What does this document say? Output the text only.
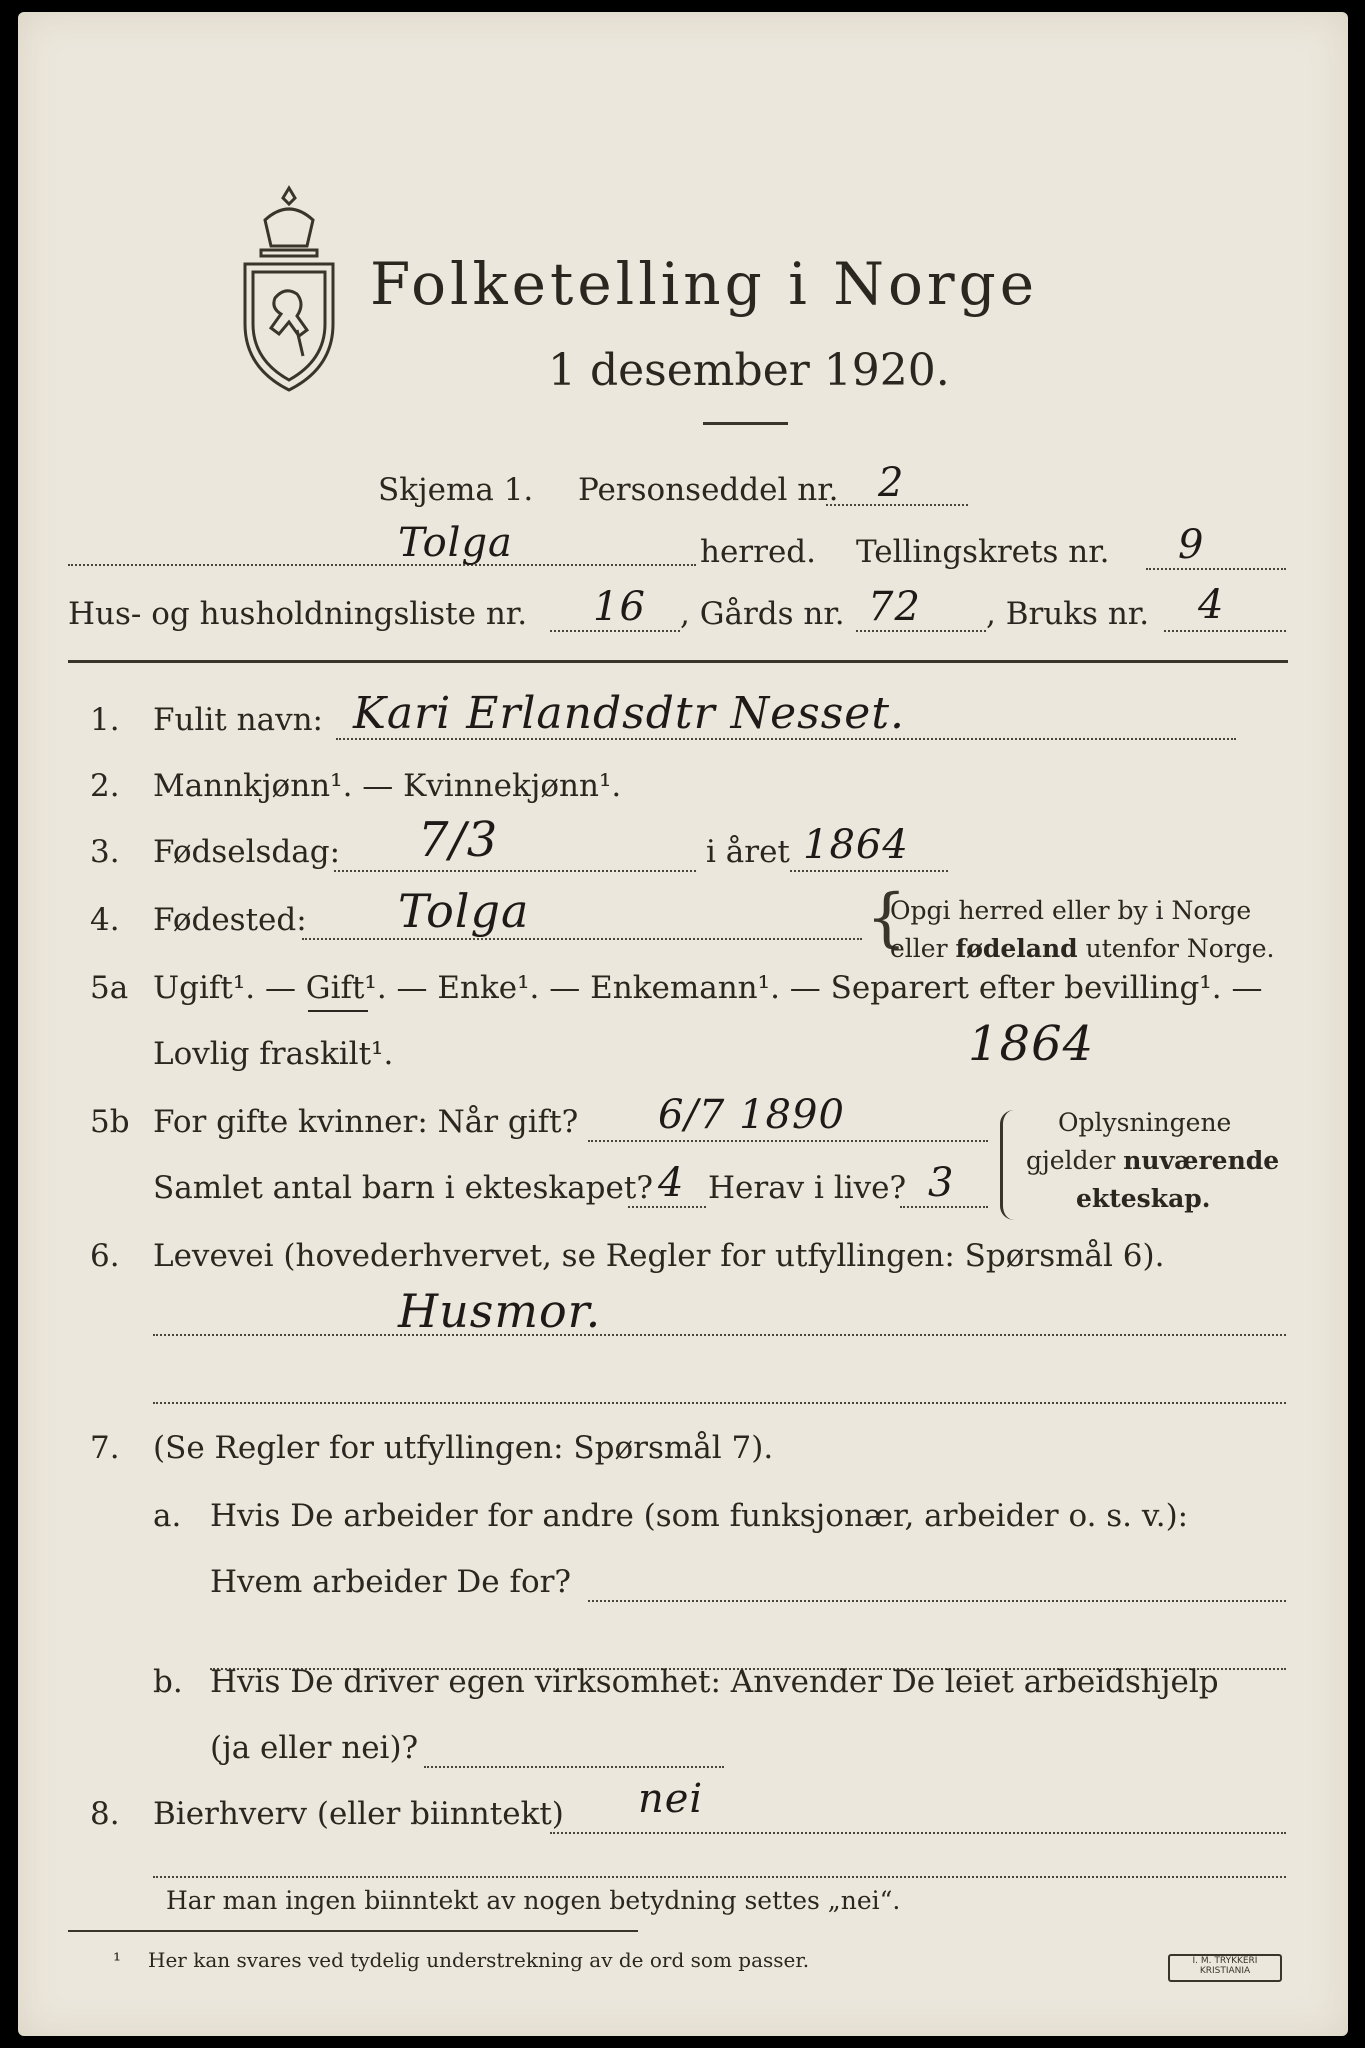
Folketelling i Norge
1 desember 1920.
Skjema 1. Personseddel nr. 2
Tolga	herred. Tellingskrets nr. 9
Hus- og husholdningsliste nr. 16 , Gårds nr. 72 , Bruks nr. 4
1. Fulit navn: Kari Erlandsdtr Nesset.
2. Mannkjønn¹. — Kvinnekjønn¹.
3. Fødselsdag: 7/3	i året 1864
4. Fødested: Tolga	{
Opgi herred eller by i Norge
eller fødeland utenfor Norge.
5a Ugift¹. — Gift¹. — Enke¹. — Enkemann¹. — Separert efter bevilling¹. —
Lovlig fraskilt¹.	1864
5b For gifte kvinner: Når gift? 6/7 1890
Samlet antal barn i ekteskapet? 4 Herav i live? 3
Oplysningene
gjelder nuværende
ekteskap.
6. Levevei (hovederhvervet, se Regler for utfyllingen: Spørsmål 6).
Husmor.
7. (Se Regler for utfyllingen: Spørsmål 7).
a. Hvis De arbeider for andre (som funksjonær, arbeider o. s. v.):
Hvem arbeider De for?
b. Hvis De driver egen virksomhet: Anvender De leiet arbeidshjelp
(ja eller nei)?
8. Bierhverv (eller biinntekt) nei
Har man ingen biinntekt av nogen betydning settes „nei“.
¹ Her kan svares ved tydelig understrekning av de ord som passer.	I. M. TRYKKERI
KRISTIANIA
